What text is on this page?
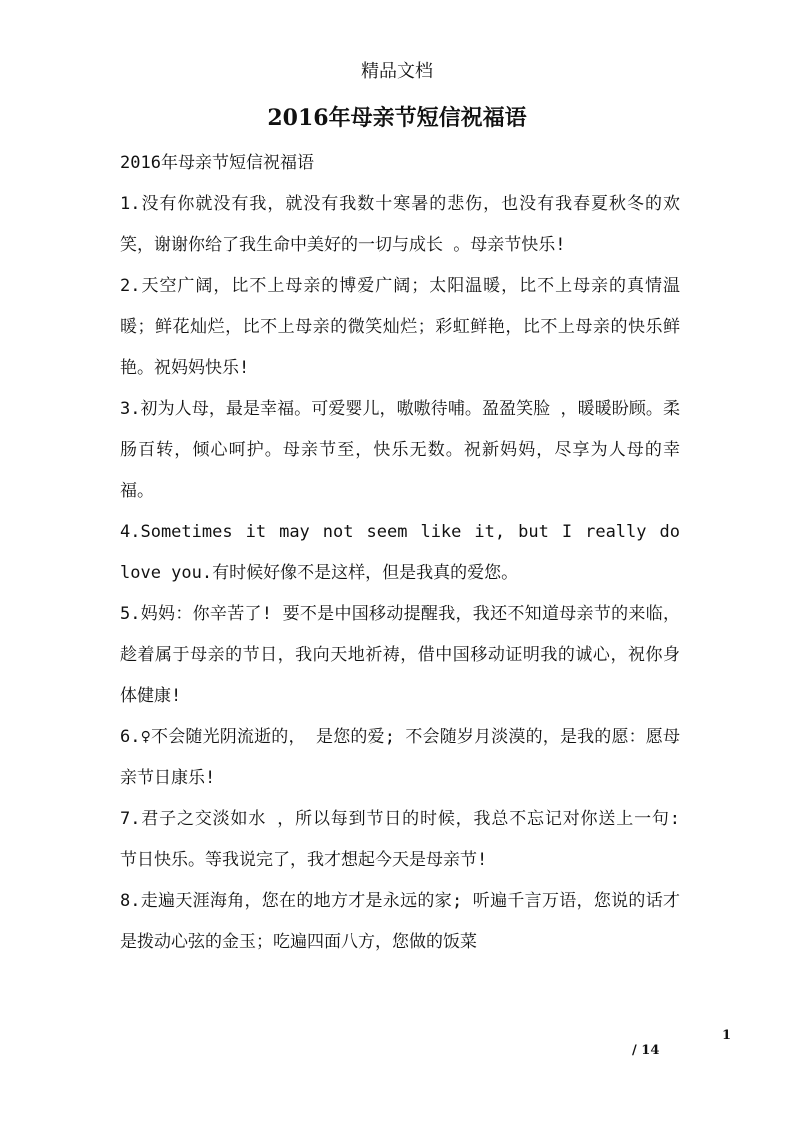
精品文档
2016年母亲节短信祝福语

2016年母亲节短信祝福语

1.没有你就没有我，就没有我数十寒暑的悲伤，也没有我春夏秋冬的欢笑，谢谢你给了我生命中美好的一切与成长 。母亲节快乐!

2.天空广阔，比不上母亲的博爱广阔；太阳温暖，比不上母亲的真情温暖；鲜花灿烂，比不上母亲的微笑灿烂；彩虹鲜艳，比不上母亲的快乐鲜艳。祝妈妈快乐!

3.初为人母，最是幸福。可爱婴儿，嗷嗷待哺。盈盈笑脸 ，暖暖盼顾。柔肠百转，倾心呵护。母亲节至，快乐无数。祝新妈妈，尽享为人母的幸福。

4.Sometimes it may not seem like it, but I really do love you.有时候好像不是这样，但是我真的爱您。

5.妈妈：你辛苦了! 要不是中国移动提醒我，我还不知道母亲节的来临，趁着属于母亲的节日，我向天地祈祷，借中国移动证明我的诚心，祝你身体健康!

6.♀不会随光阴流逝的， 是您的爱; 不会随岁月淡漠的，是我的愿：愿母亲节日康乐!

7.君子之交淡如水 ，所以每到节日的时候，我总不忘记对你送上一句: 节日快乐。等我说完了，我才想起今天是母亲节!

8.走遍天涯海角，您在的地方才是永远的家; 听遍千言万语，您说的话才是拨动心弦的金玉；吃遍四面八方，您做的饭菜

1
/ 14
